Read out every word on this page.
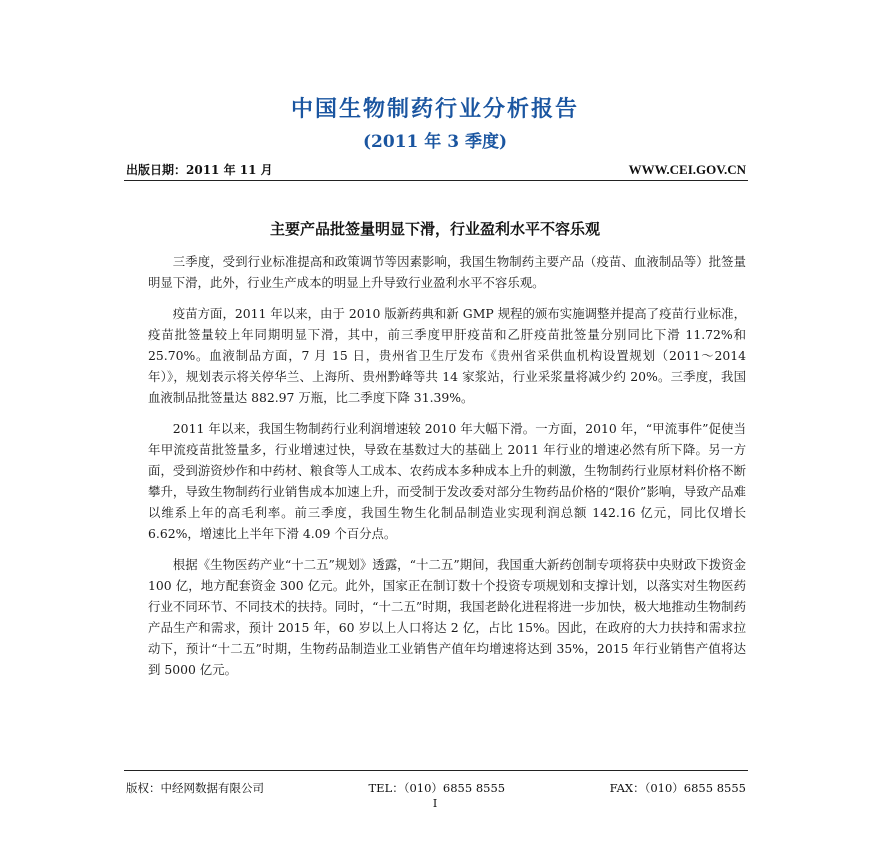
中国生物制药行业分析报告
(2011 年 3 季度)
出版日期：2011 年 11 月	WWW.CEI.GOV.CN
主要产品批签量明显下滑，行业盈利水平不容乐观

三季度，受到行业标准提高和政策调节等因素影响，我国生物制药主要产品（疫苗、血液制品等）批签量明显下滑，此外，行业生产成本的明显上升导致行业盈利水平不容乐观。

疫苗方面，2011 年以来，由于 2010 版新药典和新 GMP 规程的颁布实施调整并提高了疫苗行业标准，疫苗批签量较上年同期明显下滑，其中，前三季度甲肝疫苗和乙肝疫苗批签量分别同比下滑 11.72%和 25.70%。血液制品方面，7 月 15 日，贵州省卫生厅发布《贵州省采供血机构设置规划（2011～2014 年）》，规划表示将关停华兰、上海所、贵州黔峰等共 14 家浆站，行业采浆量将减少约 20%。三季度，我国血液制品批签量达 882.97 万瓶，比二季度下降 31.39%。

2011 年以来，我国生物制药行业利润增速较 2010 年大幅下滑。一方面，2010 年，“甲流事件”促使当年甲流疫苗批签量多，行业增速过快，导致在基数过大的基础上 2011 年行业的增速必然有所下降。另一方面，受到游资炒作和中药材、粮食等人工成本、农药成本多种成本上升的刺激，生物制药行业原材料价格不断攀升，导致生物制药行业销售成本加速上升，而受制于发改委对部分生物药品价格的“限价”影响，导致产品难以维系上年的高毛利率。前三季度，我国生物生化制品制造业实现利润总额 142.16 亿元，同比仅增长 6.62%，增速比上半年下滑 4.09 个百分点。

根据《生物医药产业“十二五”规划》透露，“十二五”期间，我国重大新药创制专项将获中央财政下拨资金 100 亿，地方配套资金 300 亿元。此外，国家正在制订数十个投资专项规划和支撑计划，以落实对生物医药行业不同环节、不同技术的扶持。同时，“十二五”时期，我国老龄化进程将进一步加快，极大地推动生物制药产品生产和需求，预计 2015 年，60 岁以上人口将达 2 亿，占比 15%。因此，在政府的大力扶持和需求拉动下，预计“十二五”时期，生物药品制造业工业销售产值年均增速将达到 35%，2015 年行业销售产值将达到 5000 亿元。

版权：中经网数据有限公司	TEL：（010）6855 8555	FAX：（010）6855 8555
I
